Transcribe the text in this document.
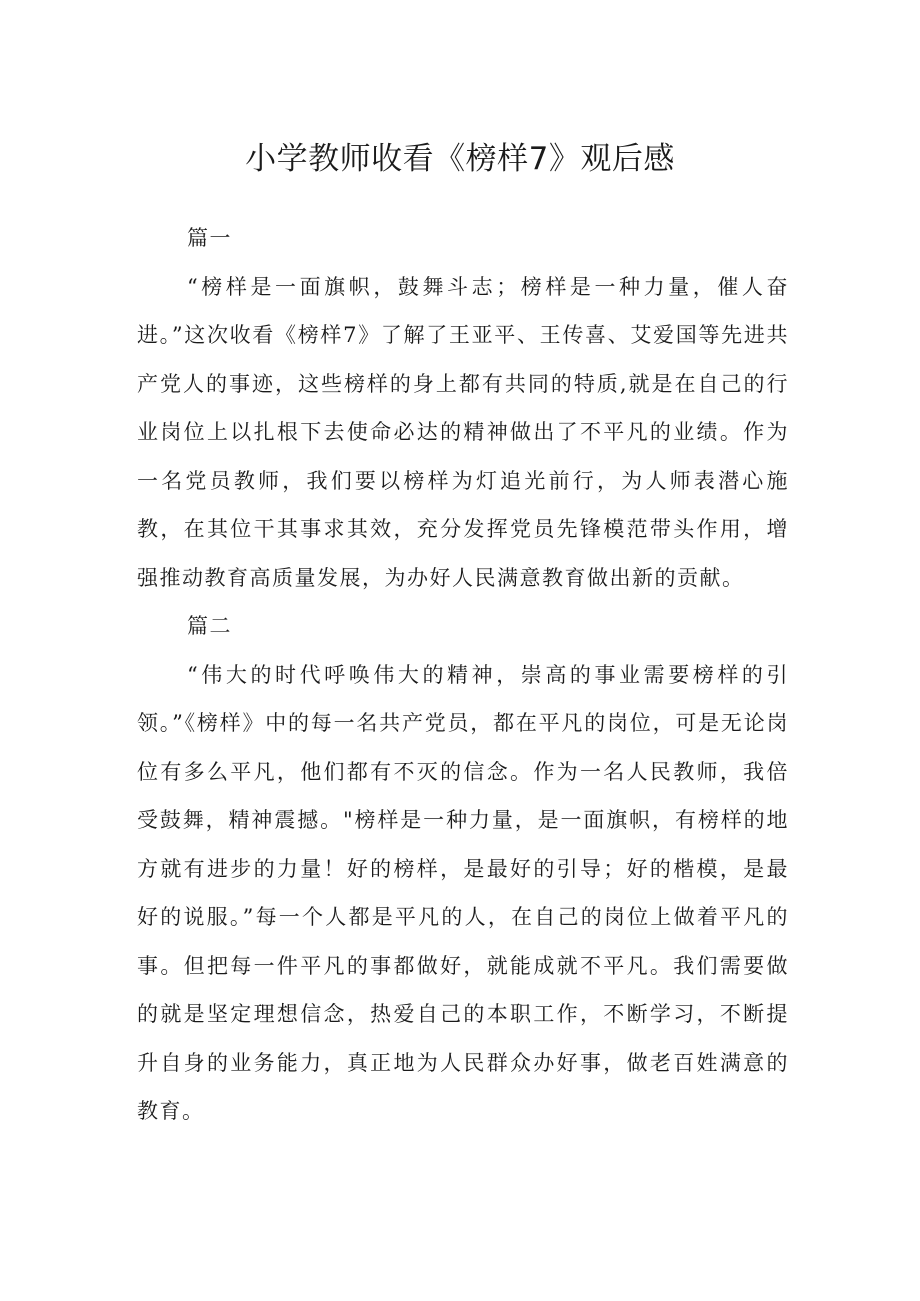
小学教师收看《榜样7》观后感

篇一

“榜样是一面旗帜，鼓舞斗志；榜样是一种力量，催人奋进。”这次收看《榜样7》了解了王亚平、王传喜、艾爱国等先进共产党人的事迹，这些榜样的身上都有共同的特质,就是在自己的行业岗位上以扎根下去使命必达的精神做出了不平凡的业绩。作为一名党员教师，我们要以榜样为灯追光前行，为人师表潜心施教，在其位干其事求其效，充分发挥党员先锋模范带头作用，增强推动教育高质量发展，为办好人民满意教育做出新的贡献。

篇二

“伟大的时代呼唤伟大的精神，崇高的事业需要榜样的引领。”《榜样》中的每一名共产党员，都在平凡的岗位，可是无论岗位有多么平凡，他们都有不灭的信念。作为一名人民教师，我倍受鼓舞，精神震撼。"榜样是一种力量，是一面旗帜，有榜样的地方就有进步的力量！好的榜样，是最好的引导；好的楷模，是最好的说服。”每一个人都是平凡的人，在自己的岗位上做着平凡的事。但把每一件平凡的事都做好，就能成就不平凡。我们需要做的就是坚定理想信念，热爱自己的本职工作，不断学习，不断提升自身的业务能力，真正地为人民群众办好事，做老百姓满意的教育。
